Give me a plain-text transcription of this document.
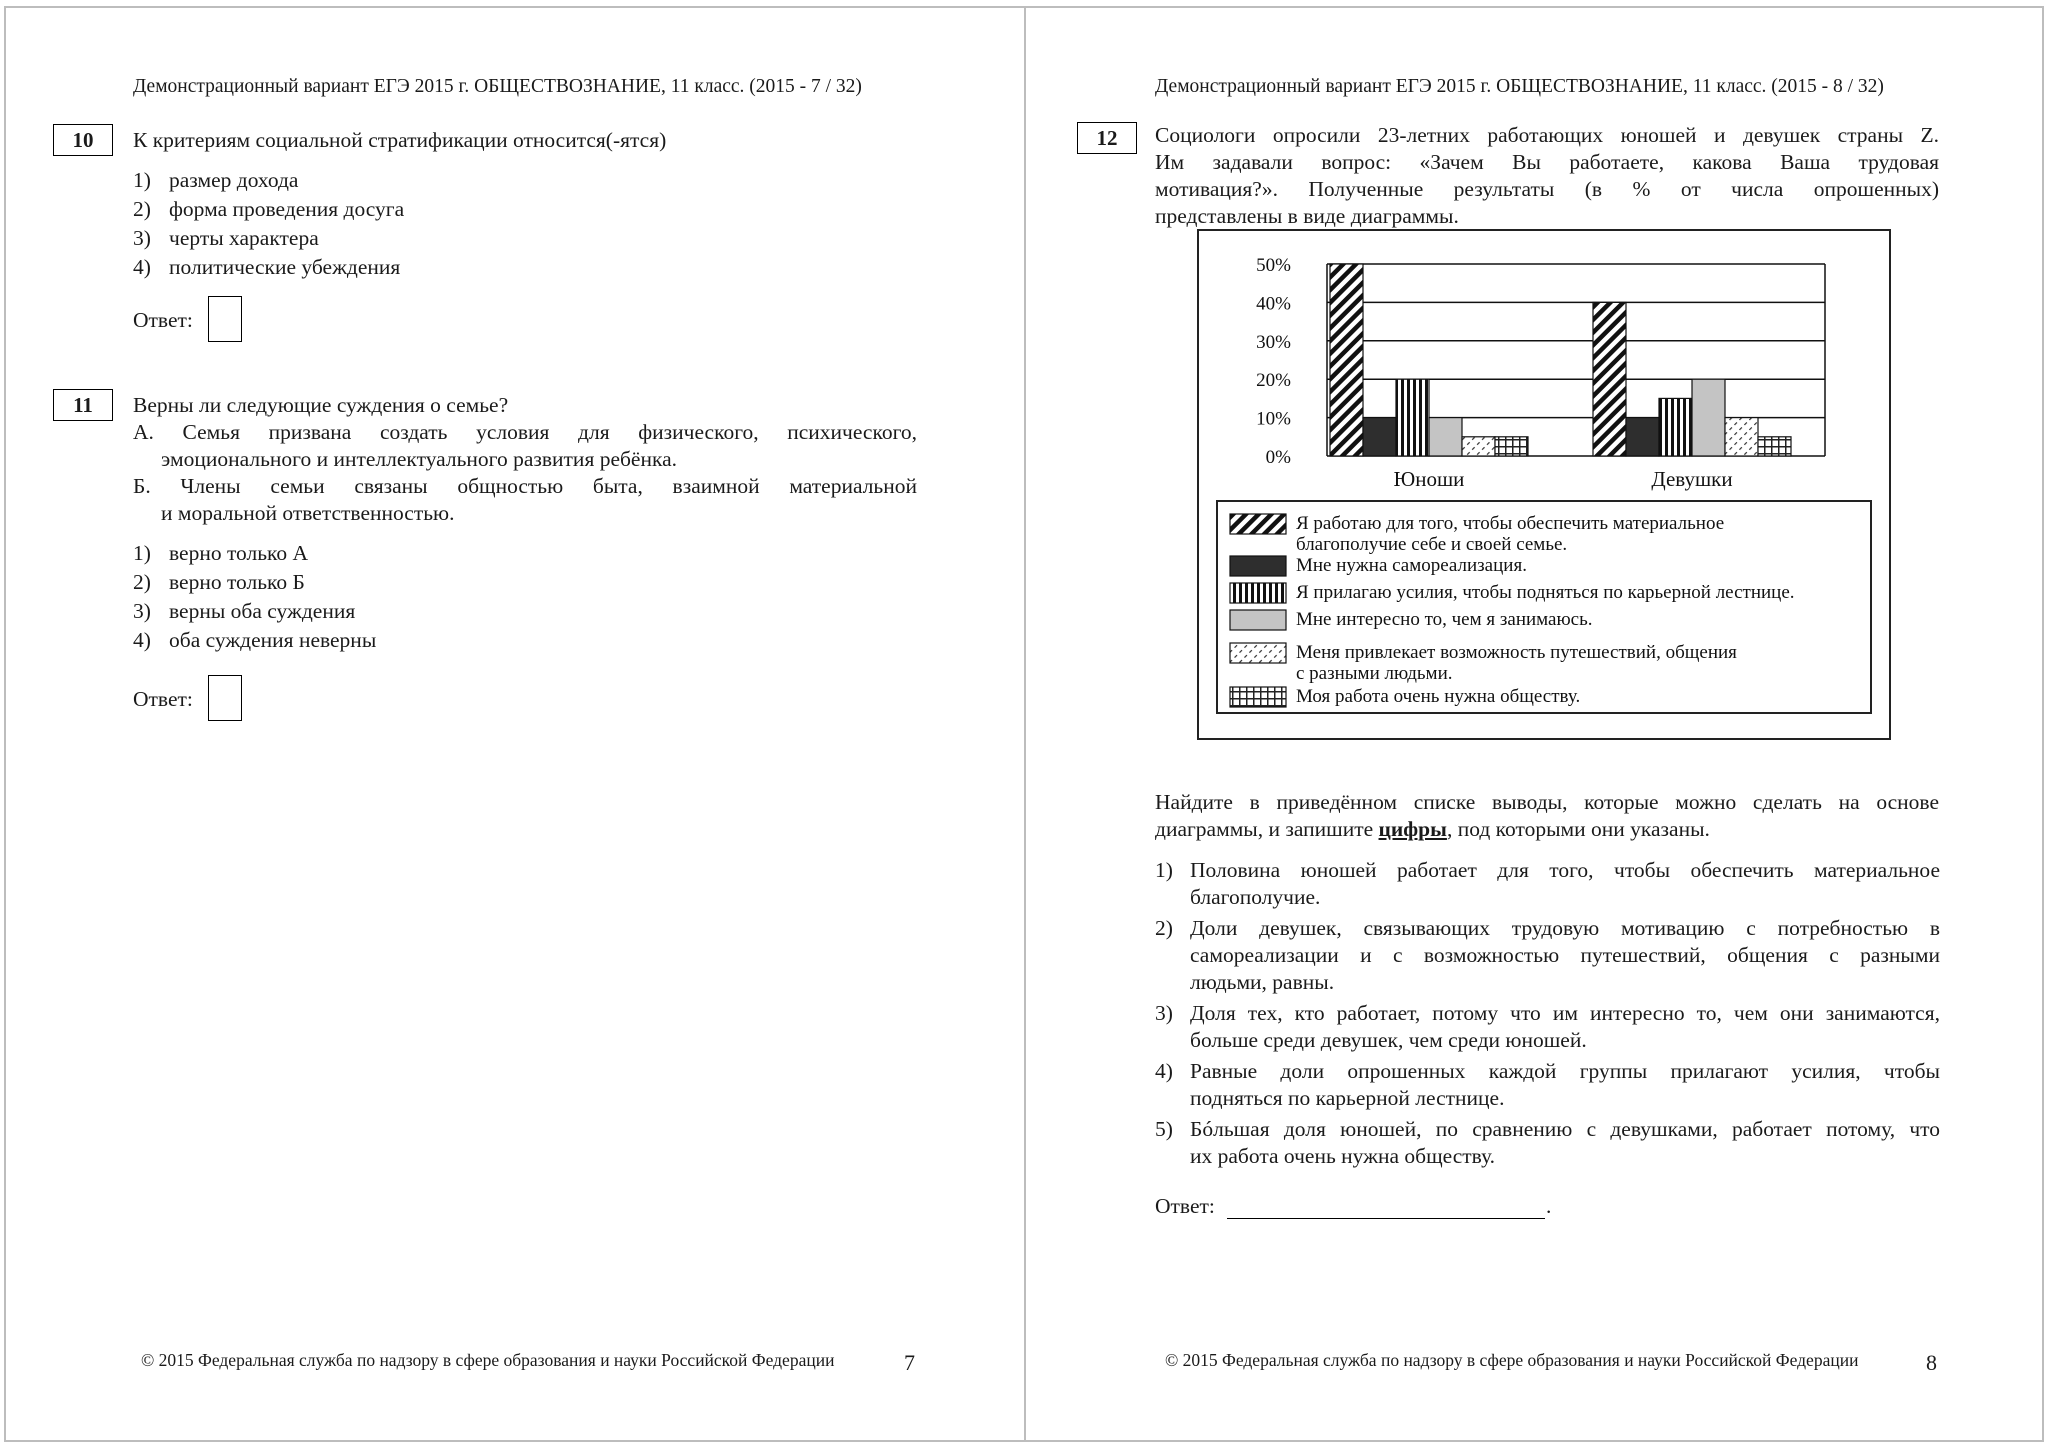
Демонстрационный вариант ЕГЭ 2015 г. ОБЩЕСТВОЗНАНИЕ, 11 класс. (2015 - 7 / 32)
10	К критериям социальной стратификации относится(-ятся)
1) размер дохода
2) форма проведения досуга
3) черты характера
4) политические убеждения
Ответ:
11	Верны ли следующие суждения о семье?
А. Семья призвана создать условия для физического, психического,
эмоционального и интеллектуального развития ребёнка.
Б. Члены семьи связаны общностью быта, взаимной материальной
и моральной ответственностью.
1) верно только А
2) верно только Б
3) верны оба суждения
4) оба суждения неверны
Ответ:
© 2015 Федеральная служба по надзору в сфере образования и науки Российской Федерации	7
Демонстрационный вариант ЕГЭ 2015 г. ОБЩЕСТВОЗНАНИЕ, 11 класс. (2015 - 8 / 32)
12	Социологи опросили 23-летних работающих юношей и девушек страны Z.
Им задавали вопрос: «Зачем Вы работаете, какова Ваша трудовая
мотивация?». Полученные результаты (в % от числа опрошенных)
представлены в виде диаграммы.
0%
10%
20%
30%
40%
50%
Юноши	Девушки
Я работаю для того, чтобы обеспечить материальное
благополучие себе и своей семье.
Мне нужна самореализация.
Я прилагаю усилия, чтобы подняться по карьерной лестнице.
Мне интересно то, чем я занимаюсь.
Меня привлекает возможность путешествий, общения
с разными людьми.
Моя работа очень нужна обществу.
Найдите в приведённом списке выводы, которые можно сделать на основе
диаграммы, и запишите цифры, под которыми они указаны.
1) Половина юношей работает для того, чтобы обеспечить материальное
благополучие.
2) Доли девушек, связывающих трудовую мотивацию с потребностью в
самореализации и с возможностью путешествий, общения с разными
людьми, равны.
3) Доля тех, кто работает, потому что им интересно то, чем они занимаются,
больше среди девушек, чем среди юношей.
4) Равные доли опрошенных каждой группы прилагают усилия, чтобы
подняться по карьерной лестнице.
5) Бóльшая доля юношей, по сравнению с девушками, работает потому, что
их работа очень нужна обществу.
Ответ:	.
© 2015 Федеральная служба по надзору в сфере образования и науки Российской Федерации	8
